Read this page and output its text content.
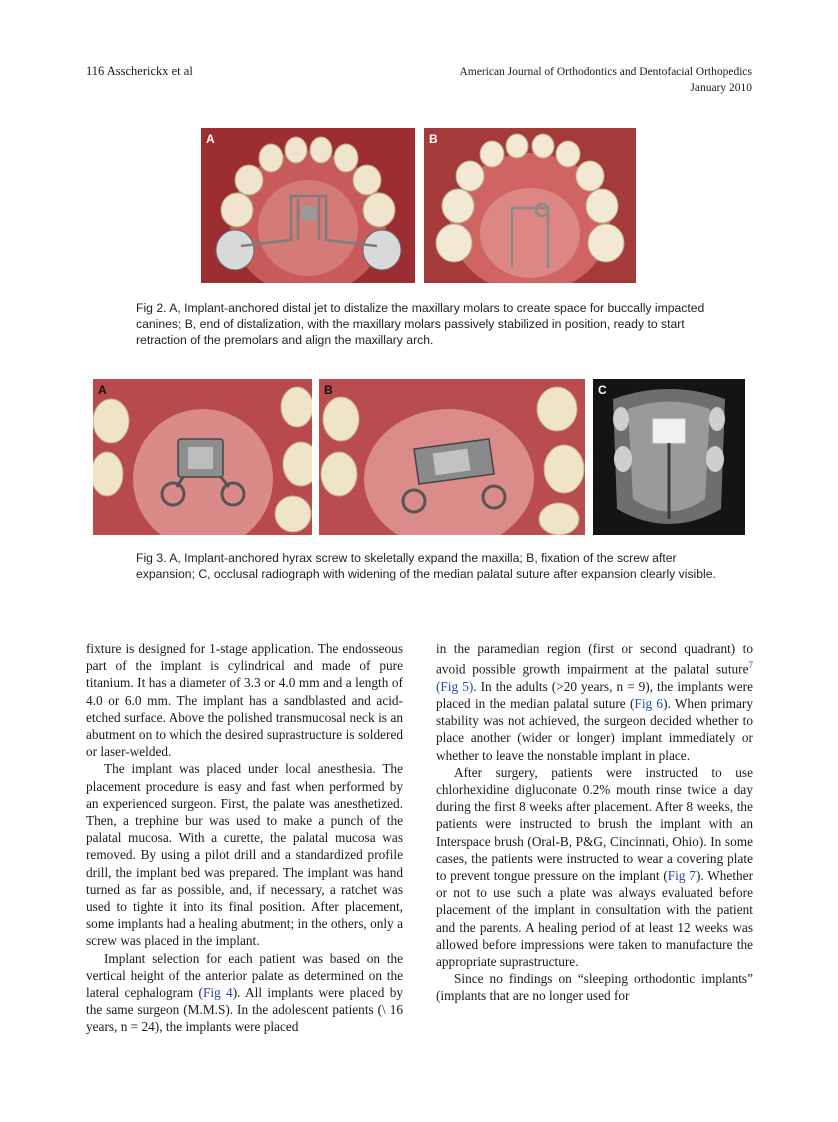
116 Asscherickx et al	American Journal of Orthodontics and Dentofacial Orthopedics
January 2010
A	B
Fig 2. A, Implant-anchored distal jet to distalize the maxillary molars to create space for buccally impacted canines; B, end of distalization, with the maxillary molars passively stabilized in position, ready to start retraction of the premolars and align the maxillary arch.
A	B	C
Fig 3. A, Implant-anchored hyrax screw to skeletally expand the maxilla; B, fixation of the screw after expansion; C, occlusal radiograph with widening of the median palatal suture after expansion clearly visible.

fixture is designed for 1-stage application. The endosseous part of the implant is cylindrical and made of pure titanium. It has a diameter of 3.3 or 4.0 mm and a length of 4.0 or 6.0 mm. The implant has a sandblasted and acid-etched surface. Above the polished transmucosal neck is an abutment on to which the desired suprastructure is soldered or laser-welded.

The implant was placed under local anesthesia. The placement procedure is easy and fast when performed by an experienced surgeon. First, the palate was anesthetized. Then, a trephine bur was used to make a punch of the palatal mucosa. With a curette, the palatal mucosa was removed. By using a pilot drill and a standardized profile drill, the implant bed was prepared. The implant was hand turned as far as possible, and, if necessary, a ratchet was used to tighte it into its final position. After placement, some implants had a healing abutment; in the others, only a screw was placed in the implant.

Implant selection for each patient was based on the vertical height of the anterior palate as determined on the lateral cephalogram (Fig 4). All implants were placed by the same surgeon (M.M.S). In the adolescent patients (\ 16 years, n = 24), the implants were placed

in the paramedian region (first or second quadrant) to avoid possible growth impairment at the palatal suture$^7$ (Fig 5). In the adults (>20 years, n = 9), the implants were placed in the median palatal suture (Fig 6). When primary stability was not achieved, the surgeon decided whether to place another (wider or longer) implant immediately or whether to leave the nonstable implant in place.

After surgery, patients were instructed to use chlorhexidine digluconate 0.2% mouth rinse twice a day during the first 8 weeks after placement. After 8 weeks, the patients were instructed to brush the implant with an Interspace brush (Oral-B, P&G, Cincinnati, Ohio). In some cases, the patients were instructed to wear a covering plate to prevent tongue pressure on the implant (Fig 7). Whether or not to use such a plate was always evaluated before placement of the implant in consultation with the patient and the parents. A healing period of at least 12 weeks was allowed before impressions were taken to manufacture the appropriate suprastructure.

Since no findings on “sleeping orthodontic implants” (implants that are no longer used for
